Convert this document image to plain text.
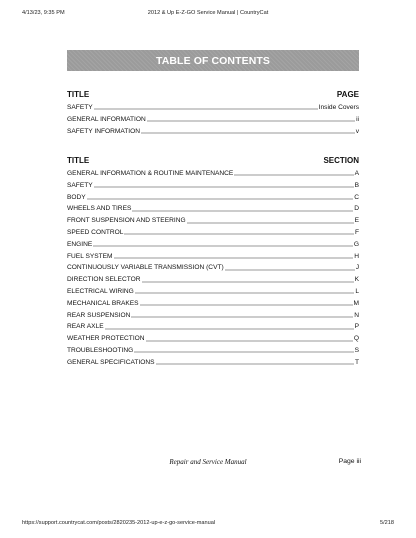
4/13/23, 9:35 PM	2012 & Up E-Z-GO Service Manual | CountryCat
TABLE OF CONTENTS
TITLE	PAGE
SAFETY	Inside Covers
GENERAL INFORMATION	ii
SAFETY INFORMATION	v
TITLE	SECTION
GENERAL INFORMATION & ROUTINE MAINTENANCE	A
SAFETY	B
BODY	C
WHEELS AND TIRES	D
FRONT SUSPENSION AND STEERING	E
SPEED CONTROL	F
ENGINE	G
FUEL SYSTEM	H
CONTINUOUSLY VARIABLE TRANSMISSION (CVT)	J
DIRECTION SELECTOR	K
ELECTRICAL WIRING	L
MECHANICAL BRAKES	M
REAR SUSPENSION	N
REAR AXLE	P
WEATHER PROTECTION	Q
TROUBLESHOOTING	S
GENERAL SPECIFICATIONS	T
Repair and Service Manual	Page iii
https://support.countrycat.com/posts/2820235-2012-up-e-z-go-service-manual	5/218
